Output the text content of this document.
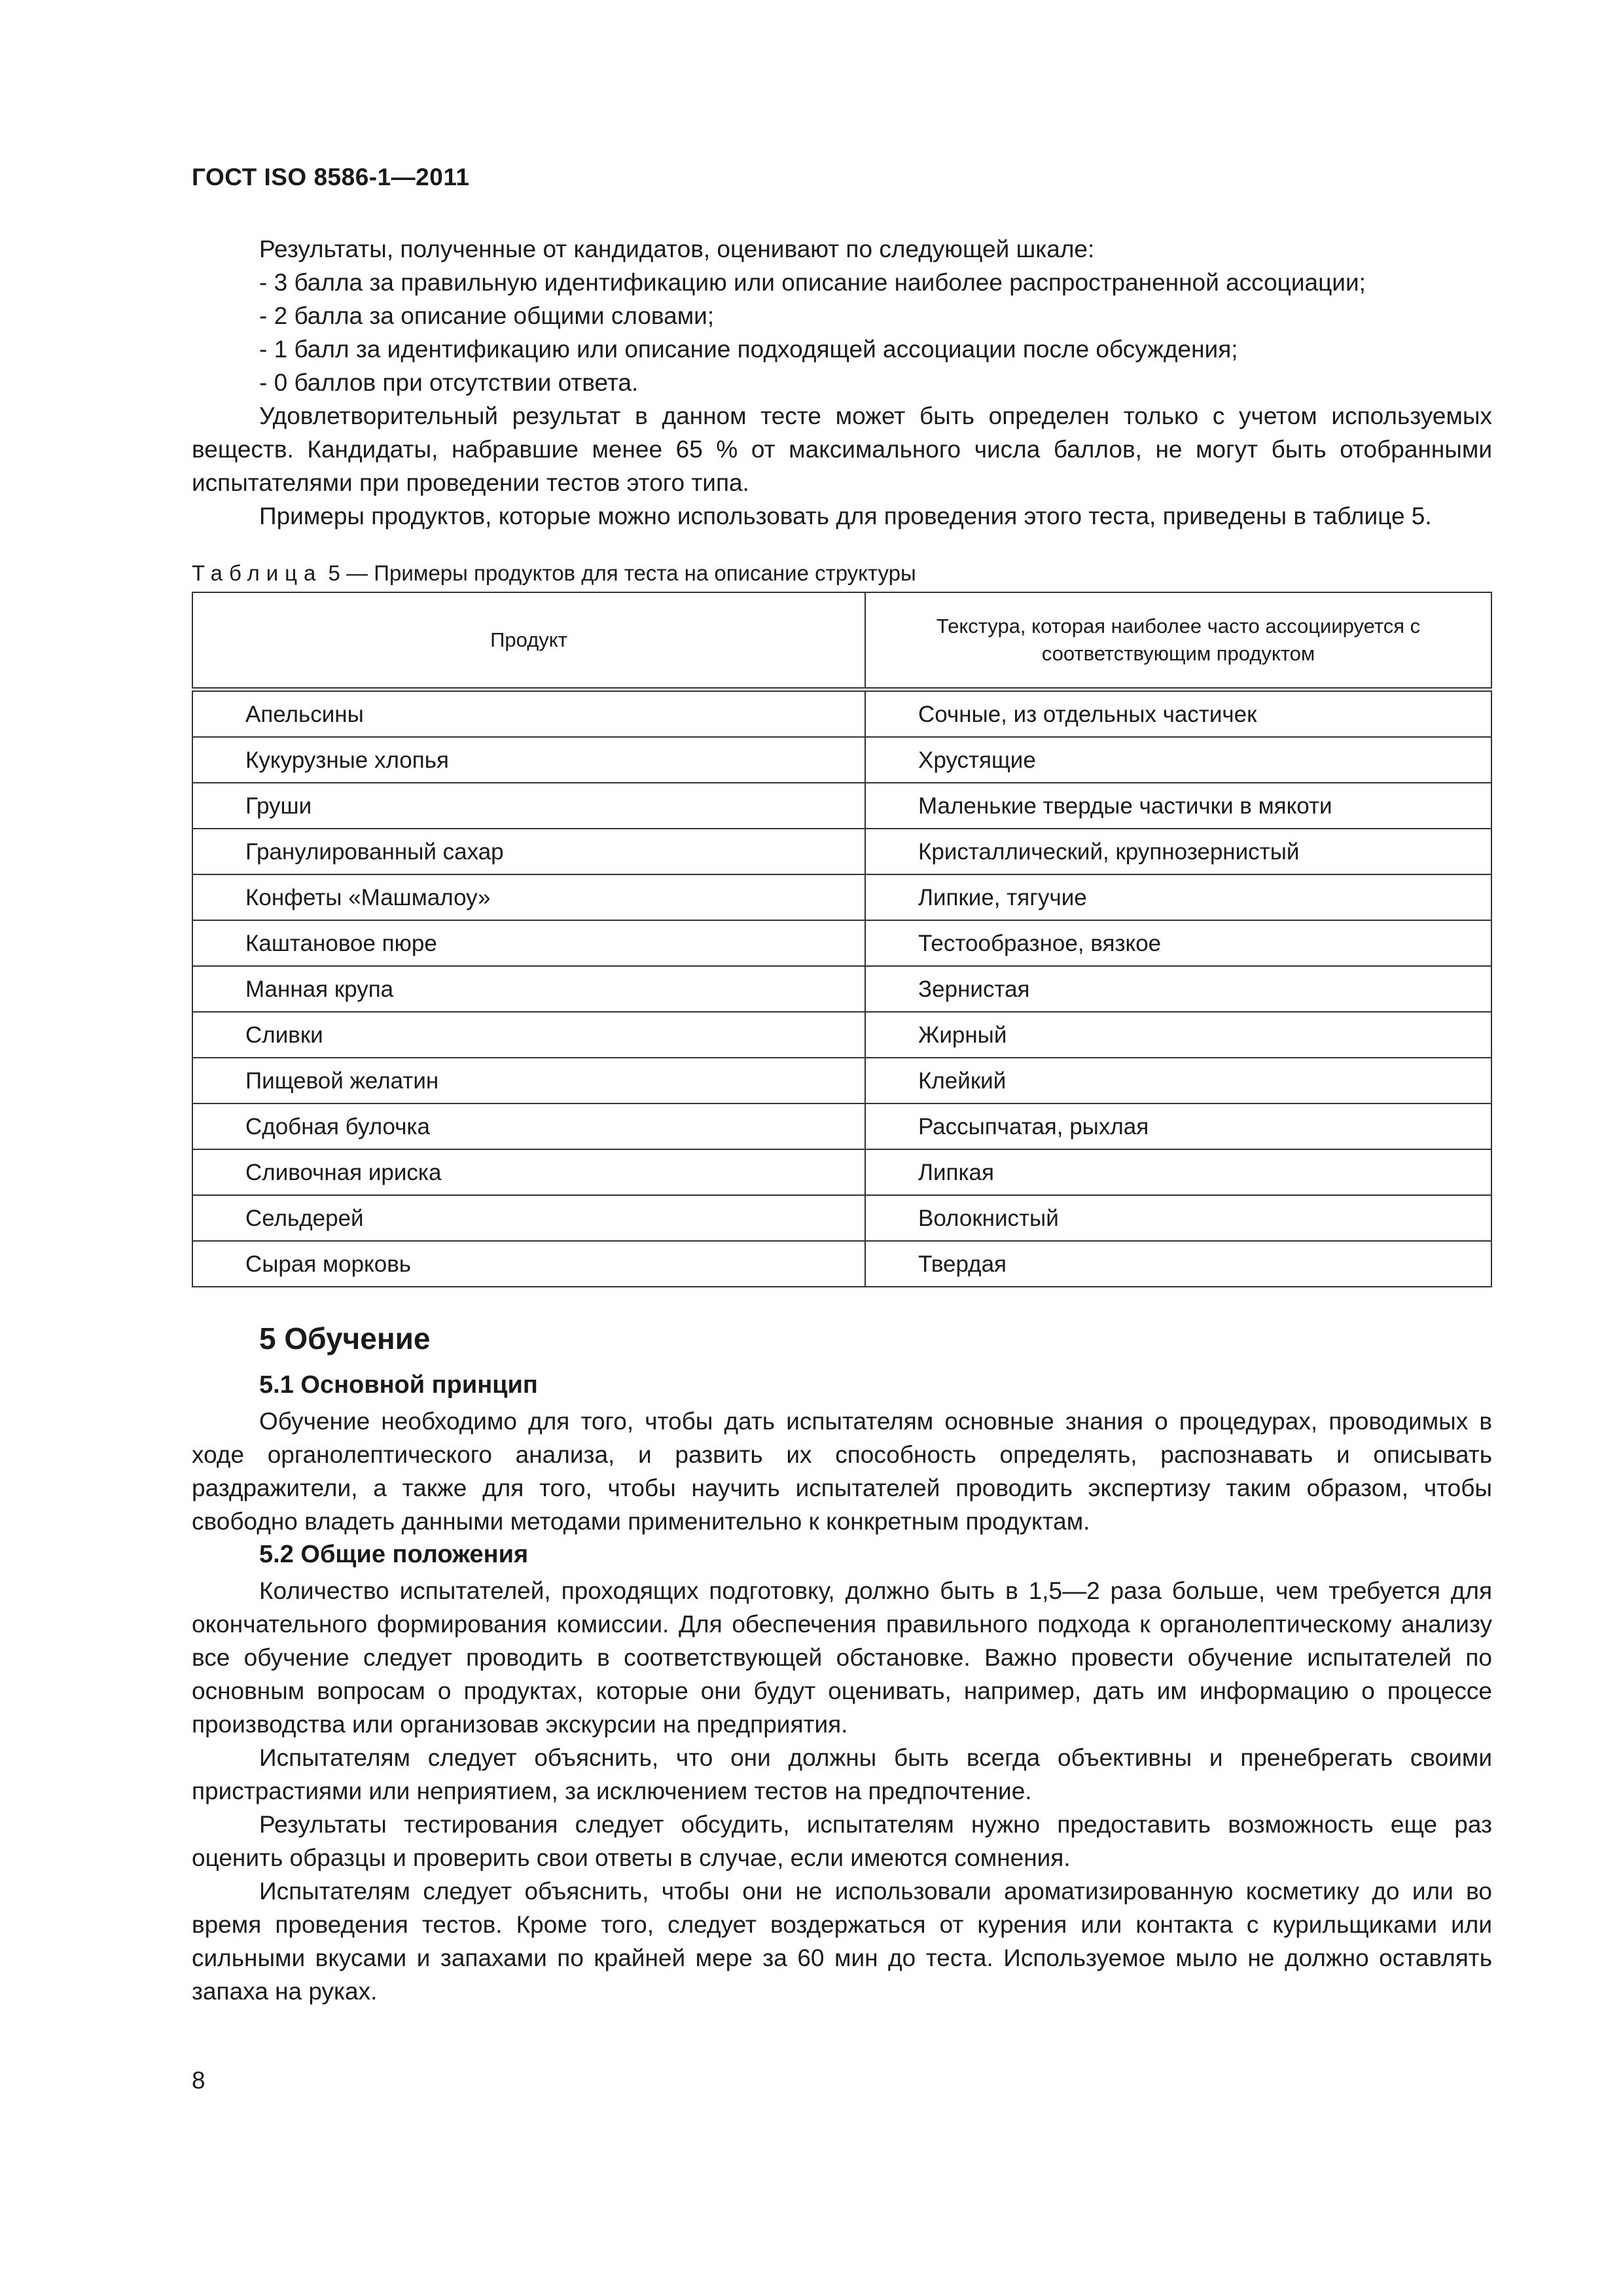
ГОСТ ISO 8586-1—2011

Результаты, полученные от кандидатов, оценивают по следующей шкале:

- 3 балла за правильную идентификацию или описание наиболее распространенной ассоциации;

- 2 балла за описание общими словами;

- 1 балл за идентификацию или описание подходящей ассоциации после обсуждения;

- 0 баллов при отсутствии ответа.

Удовлетворительный результат в данном тесте может быть определен только с учетом используемых веществ. Кандидаты, набравшие менее 65 % от максимального числа баллов, не могут быть отобранными испытателями при проведении тестов этого типа.

Примеры продуктов, которые можно использовать для проведения этого теста, приведены в таблице 5.

Таблица 5 — Примеры продуктов для теста на описание структуры
Продукт	Текстура, которая наиболее часто ассоциируется с соответствующим продуктом
Апельсины	Сочные, из отдельных частичек
Кукурузные хлопья	Хрустящие
Груши	Маленькие твердые частички в мякоти
Гранулированный сахар	Кристаллический, крупнозернистый
Конфеты «Машмалоу»	Липкие, тягучие
Каштановое пюре	Тестообразное, вязкое
Манная крупа	Зернистая
Сливки	Жирный
Пищевой желатин	Клейкий
Сдобная булочка	Рассыпчатая, рыхлая
Сливочная ириска	Липкая
Сельдерей	Волокнистый
Сырая морковь	Твердая
5 Обучение
5.1 Основной принцип

Обучение необходимо для того, чтобы дать испытателям основные знания о процедурах, проводимых в ходе органолептического анализа, и развить их способность определять, распознавать и описывать раздражители, а также для того, чтобы научить испытателей проводить экспертизу таким образом, чтобы свободно владеть данными методами применительно к конкретным продуктам.

5.2 Общие положения

Количество испытателей, проходящих подготовку, должно быть в 1,5—2 раза больше, чем требуется для окончательного формирования комиссии. Для обеспечения правильного подхода к органолептическому анализу все обучение следует проводить в соответствующей обстановке. Важно провести обучение испытателей по основным вопросам о продуктах, которые они будут оценивать, например, дать им информацию о процессе производства или организовав экскурсии на предприятия.

Испытателям следует объяснить, что они должны быть всегда объективны и пренебрегать своими пристрастиями или неприятием, за исключением тестов на предпочтение.

Результаты тестирования следует обсудить, испытателям нужно предоставить возможность еще раз оценить образцы и проверить свои ответы в случае, если имеются сомнения.

Испытателям следует объяснить, чтобы они не использовали ароматизированную косметику до или во время проведения тестов. Кроме того, следует воздержаться от курения или контакта с курильщиками или сильными вкусами и запахами по крайней мере за 60 мин до теста. Используемое мыло не должно оставлять запаха на руках.

8
